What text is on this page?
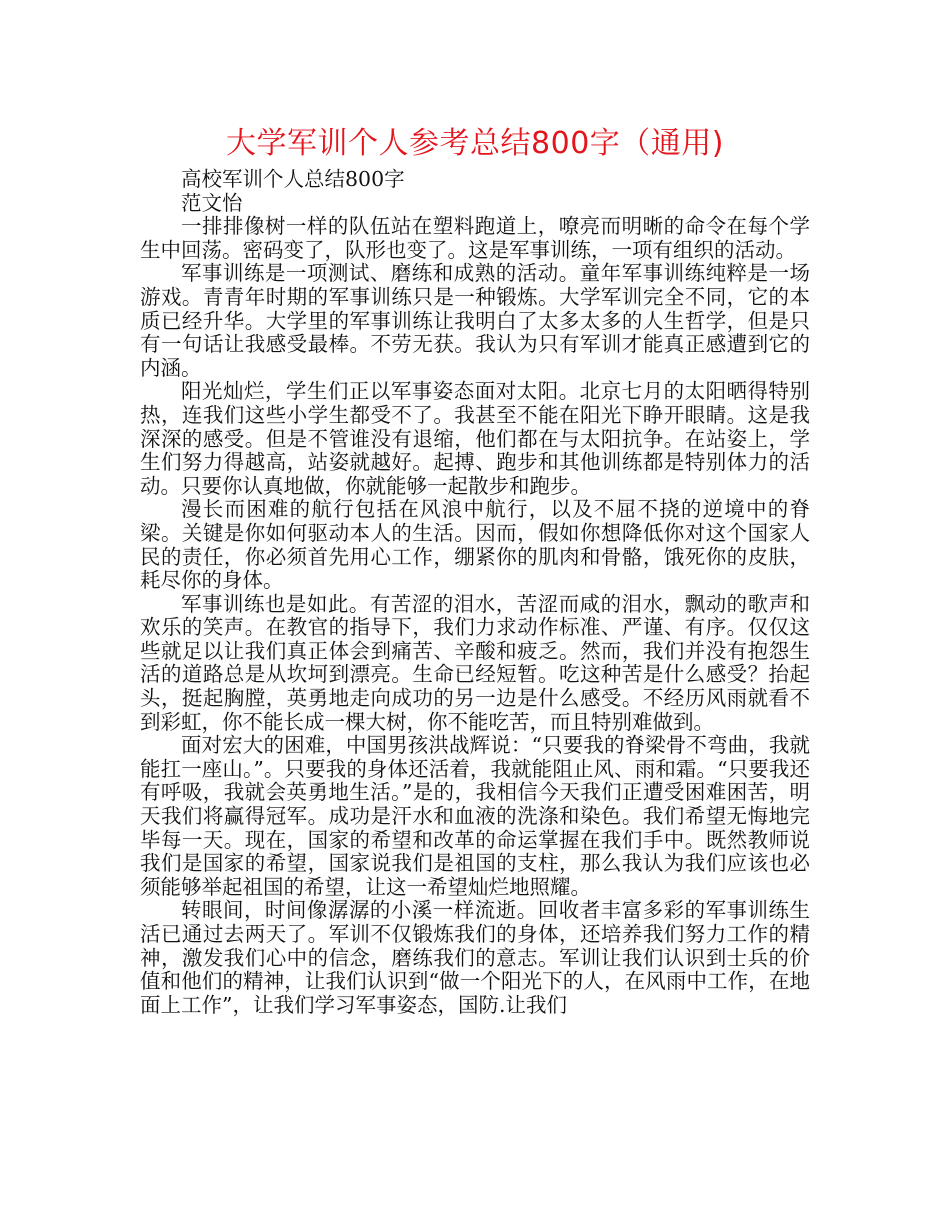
大学军训个人参考总结800字（通用)

高校军训个人总结800字

范文怡

一排排像树一样的队伍站在塑料跑道上，嘹亮而明晰的命令在每个学生中回荡。密码变了，队形也变了。这是军事训练，一项有组织的活动。

军事训练是一项测试、磨练和成熟的活动。童年军事训练纯粹是一场游戏。青青年时期的军事训练只是一种锻炼。大学军训完全不同，它的本质已经升华。大学里的军事训练让我明白了太多太多的人生哲学，但是只有一句话让我感受最棒。不劳无获。我认为只有军训才能真正感遭到它的内涵。

阳光灿烂，学生们正以军事姿态面对太阳。北京七月的太阳晒得特别热，连我们这些小学生都受不了。我甚至不能在阳光下睁开眼睛。这是我深深的感受。但是不管谁没有退缩，他们都在与太阳抗争。在站姿上，学生们努力得越高，站姿就越好。起搏、跑步和其他训练都是特别体力的活动。只要你认真地做，你就能够一起散步和跑步。

漫长而困难的航行包括在风浪中航行，以及不屈不挠的逆境中的脊梁。关键是你如何驱动本人的生活。因而，假如你想降低你对这个国家人民的责任，你必须首先用心工作，绷紧你的肌肉和骨骼，饿死你的皮肤，耗尽你的身体。

军事训练也是如此。有苦涩的泪水，苦涩而咸的泪水，飘动的歌声和欢乐的笑声。在教官的指导下，我们力求动作标准、严谨、有序。仅仅这些就足以让我们真正体会到痛苦、辛酸和疲乏。然而，我们并没有抱怨生活的道路总是从坎坷到漂亮。生命已经短暂。吃这种苦是什么感受？抬起头，挺起胸膛，英勇地走向成功的另一边是什么感受。不经历风雨就看不到彩虹，你不能长成一棵大树，你不能吃苦，而且特别难做到。

面对宏大的困难，中国男孩洪战辉说：“只要我的脊梁骨不弯曲，我就能扛一座山。”。只要我的身体还活着，我就能阻止风、雨和霜。“只要我还有呼吸，我就会英勇地生活。”是的，我相信今天我们正遭受困难困苦，明天我们将赢得冠军。成功是汗水和血液的洗涤和染色。我们希望无悔地完毕每一天。现在，国家的希望和改革的命运掌握在我们手中。既然教师说我们是国家的希望，国家说我们是祖国的支柱，那么我认为我们应该也必须能够举起祖国的希望，让这一希望灿烂地照耀。

转眼间，时间像潺潺的小溪一样流逝。回收者丰富多彩的军事训练生活已通过去两天了。军训不仅锻炼我们的身体，还培养我们努力工作的精神，激发我们心中的信念，磨练我们的意志。军训让我们认识到士兵的价值和他们的精神，让我们认识到“做一个阳光下的人，在风雨中工作，在地面上工作”，让我们学习军事姿态，国防.让我们
